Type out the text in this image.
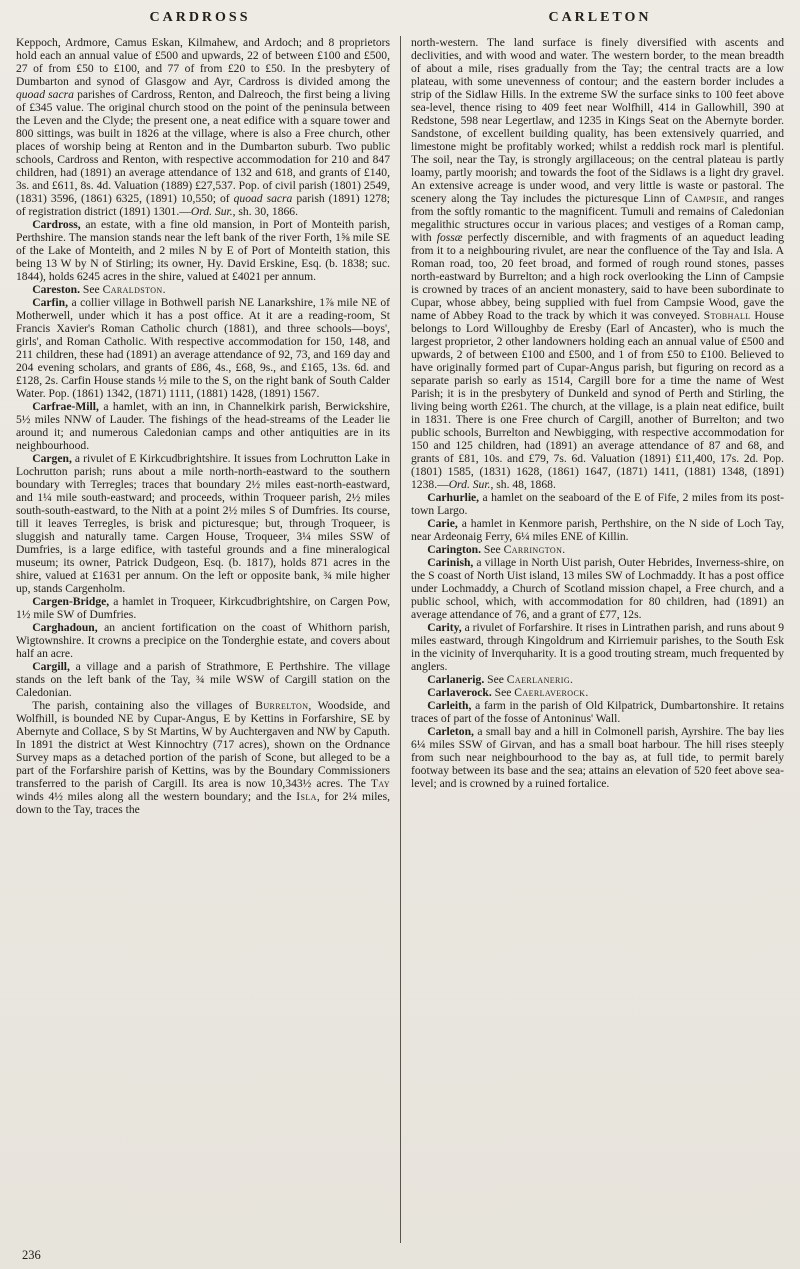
CARDROSS	CARLETON

Keppoch, Ardmore, Camus Eskan, Kilmahew, and Ardoch; and 8 proprietors hold each an annual value of £500 and upwards, 22 of between £100 and £500, 27 of from £50 to £100, and 77 of from £20 to £50. In the presbytery of Dumbarton and synod of Glasgow and Ayr, Cardross is divided among the quoad sacra parishes of Cardross, Renton, and Dalreoch, the first being a living of £345 value. The original church stood on the point of the peninsula between the Leven and the Clyde; the present one, a neat edifice with a square tower and 800 sittings, was built in 1826 at the village, where is also a Free church, other places of worship being at Renton and in the Dumbarton suburb. Two public schools, Cardross and Renton, with respective accommodation for 210 and 847 children, had (1891) an average attendance of 132 and 618, and grants of £140, 3s. and £611, 8s. 4d. Valuation (1889) £27,537. Pop. of civil parish (1801) 2549, (1831) 3596, (1861) 6325, (1891) 10,550; of quoad sacra parish (1891) 1278; of registration district (1891) 1301.—Ord. Sur., sh. 30, 1866.

Cardross, an estate, with a fine old mansion, in Port of Monteith parish, Perthshire. The mansion stands near the left bank of the river Forth, 1⅝ mile SE of the Lake of Monteith, and 2 miles N by E of Port of Monteith station, this being 13 W by N of Stirling; its owner, Hy. David Erskine, Esq. (b. 1838; suc. 1844), holds 6245 acres in the shire, valued at £4021 per annum.

Careston. See Caraldston.

Carfin, a collier village in Bothwell parish NE Lanarkshire, 1⅞ mile NE of Motherwell, under which it has a post office. At it are a reading-room, St Francis Xavier's Roman Catholic church (1881), and three schools—boys', girls', and Roman Catholic. With respective accommodation for 150, 148, and 211 children, these had (1891) an average attendance of 92, 73, and 169 day and 204 evening scholars, and grants of £86, 4s., £68, 9s., and £165, 13s. 6d. and £128, 2s. Carfin House stands ½ mile to the S, on the right bank of South Calder Water. Pop. (1861) 1342, (1871) 1111, (1881) 1428, (1891) 1567.

Carfrae-Mill, a hamlet, with an inn, in Channelkirk parish, Berwickshire, 5½ miles NNW of Lauder. The fishings of the head-streams of the Leader lie around it; and numerous Caledonian camps and other antiquities are in its neighbourhood.

Cargen, a rivulet of E Kirkcudbrightshire. It issues from Lochrutton Lake in Lochrutton parish; runs about a mile north-north-eastward to the southern boundary with Terregles; traces that boundary 2½ miles east-north-eastward, and 1¼ mile south-eastward; and proceeds, within Troqueer parish, 2½ miles south-south-eastward, to the Nith at a point 2½ miles S of Dumfries. Its course, till it leaves Terregles, is brisk and picturesque; but, through Troqueer, is sluggish and naturally tame. Cargen House, Troqueer, 3¼ miles SSW of Dumfries, is a large edifice, with tasteful grounds and a fine mineralogical museum; its owner, Patrick Dudgeon, Esq. (b. 1817), holds 871 acres in the shire, valued at £1631 per annum. On the left or opposite bank, ¾ mile higher up, stands Cargenholm.

Cargen-Bridge, a hamlet in Troqueer, Kirkcudbrightshire, on Cargen Pow, 1½ mile SW of Dumfries.

Carghadoun, an ancient fortification on the coast of Whithorn parish, Wigtownshire. It crowns a precipice on the Tonderghie estate, and covers about half an acre.

Cargill, a village and a parish of Strathmore, E Perthshire. The village stands on the left bank of the Tay, ¾ mile WSW of Cargill station on the Caledonian.

The parish, containing also the villages of Burrelton, Woodside, and Wolfhill, is bounded NE by Cupar-Angus, E by Kettins in Forfarshire, SE by Abernyte and Collace, S by St Martins, W by Auchtergaven and NW by Caputh. In 1891 the district at West Kinnochtry (717 acres), shown on the Ordnance Survey maps as a detached portion of the parish of Scone, but alleged to be a part of the Forfarshire parish of Kettins, was by the Boundary Commissioners transferred to the parish of Cargill. Its area is now 10,343½ acres. The Tay winds 4½ miles along all the western boundary; and the Isla, for 2¼ miles, down to the Tay, traces the

north-western. The land surface is finely diversified with ascents and declivities, and with wood and water. The western border, to the mean breadth of about a mile, rises gradually from the Tay; the central tracts are a low plateau, with some unevenness of contour; and the eastern border includes a strip of the Sidlaw Hills. In the extreme SW the surface sinks to 100 feet above sea-level, thence rising to 409 feet near Wolfhill, 414 in Gallowhill, 390 at Redstone, 598 near Legertlaw, and 1235 in Kings Seat on the Abernyte border. Sandstone, of excellent building quality, has been extensively quarried, and limestone might be profitably worked; whilst a reddish rock marl is plentiful. The soil, near the Tay, is strongly argillaceous; on the central plateau is partly loamy, partly moorish; and towards the foot of the Sidlaws is a light dry gravel. An extensive acreage is under wood, and very little is waste or pastoral. The scenery along the Tay includes the picturesque Linn of Campsie, and ranges from the softly romantic to the magnificent. Tumuli and remains of Caledonian megalithic structures occur in various places; and vestiges of a Roman camp, with fossæ perfectly discernible, and with fragments of an aqueduct leading from it to a neighbouring rivulet, are near the confluence of the Tay and Isla. A Roman road, too, 20 feet broad, and formed of rough round stones, passes north-eastward by Burrelton; and a high rock overlooking the Linn of Campsie is crowned by traces of an ancient monastery, said to have been subordinate to Cupar, whose abbey, being supplied with fuel from Campsie Wood, gave the name of Abbey Road to the track by which it was conveyed. Stobhall House belongs to Lord Willoughby de Eresby (Earl of Ancaster), who is much the largest proprietor, 2 other landowners holding each an annual value of £500 and upwards, 2 of between £100 and £500, and 1 of from £50 to £100. Believed to have originally formed part of Cupar-Angus parish, but figuring on record as a separate parish so early as 1514, Cargill bore for a time the name of West Parish; it is in the presbytery of Dunkeld and synod of Perth and Stirling, the living being worth £261. The church, at the village, is a plain neat edifice, built in 1831. There is one Free church of Cargill, another of Burrelton; and two public schools, Burrelton and Newbigging, with respective accommodation for 150 and 125 children, had (1891) an average attendance of 87 and 68, and grants of £81, 10s. and £79, 7s. 6d. Valuation (1891) £11,400, 17s. 2d. Pop. (1801) 1585, (1831) 1628, (1861) 1647, (1871) 1411, (1881) 1348, (1891) 1238.—Ord. Sur., sh. 48, 1868.

Carhurlie, a hamlet on the seaboard of the E of Fife, 2 miles from its post-town Largo.

Carie, a hamlet in Kenmore parish, Perthshire, on the N side of Loch Tay, near Ardeonaig Ferry, 6¼ miles ENE of Killin.

Carington. See Carrington.

Carinish, a village in North Uist parish, Outer Hebrides, Inverness-shire, on the S coast of North Uist island, 13 miles SW of Lochmaddy. It has a post office under Lochmaddy, a Church of Scotland mission chapel, a Free church, and a public school, which, with accommodation for 80 children, had (1891) an average attendance of 76, and a grant of £77, 12s.

Carity, a rivulet of Forfarshire. It rises in Lintrathen parish, and runs about 9 miles eastward, through Kingoldrum and Kirriemuir parishes, to the South Esk in the vicinity of Inverquharity. It is a good trouting stream, much frequented by anglers.

Carlanerig. See Caerlanerig.

Carlaverock. See Caerlaverock.

Carleith, a farm in the parish of Old Kilpatrick, Dumbartonshire. It retains traces of part of the fosse of Antoninus' Wall.

Carleton, a small bay and a hill in Colmonell parish, Ayrshire. The bay lies 6¼ miles SSW of Girvan, and has a small boat harbour. The hill rises steeply from such near neighbourhood to the bay as, at full tide, to permit barely footway between its base and the sea; attains an elevation of 520 feet above sea-level; and is crowned by a ruined fortalice.

236
